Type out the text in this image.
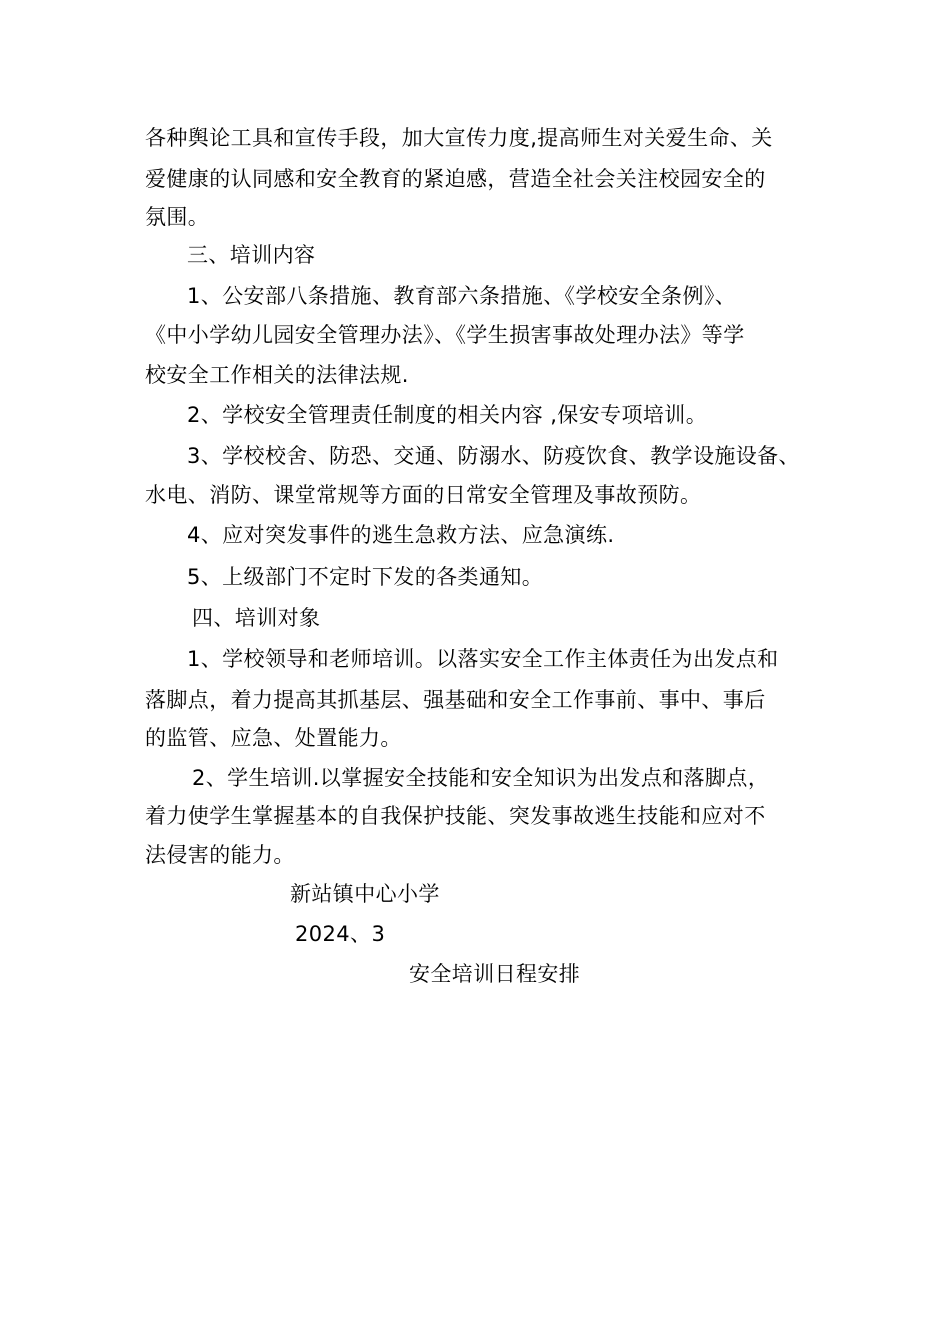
各种舆论工具和宣传手段，加大宣传力度,提高师生对关爱生命、关
爱健康的认同感和安全教育的紧迫感，营造全社会关注校园安全的
氛围。
三、培训内容
1、公安部八条措施、教育部六条措施、《学校安全条例》、
《中小学幼儿园安全管理办法》、《学生损害事故处理办法》等学
校安全工作相关的法律法规.
2、学校安全管理责任制度的相关内容 ,保安专项培训。
3、学校校舍、防恐、交通、防溺水、防疫饮食、教学设施设备、
水电、消防、课堂常规等方面的日常安全管理及事故预防。
4、应对突发事件的逃生急救方法、应急演练.
5、上级部门不定时下发的各类通知。
四、培训对象
1、学校领导和老师培训。以落实安全工作主体责任为出发点和
落脚点，着力提高其抓基层、强基础和安全工作事前、事中、事后
的监管、应急、处置能力。
2、学生培训.以掌握安全技能和安全知识为出发点和落脚点，
着力使学生掌握基本的自我保护技能、突发事故逃生技能和应对不
法侵害的能力。
新站镇中心小学
2024、3
安全培训日程安排
